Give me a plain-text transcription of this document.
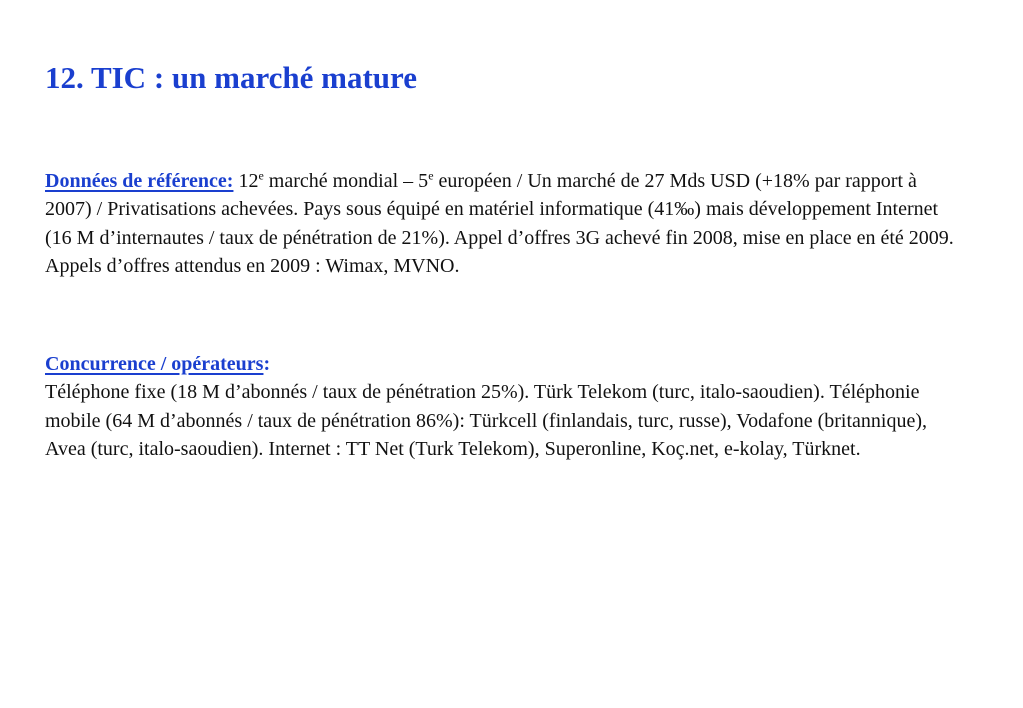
12. TIC : un marché mature

Données de référence: 12e marché mondial – 5e européen / Un marché de 27 Mds USD (+18% par rapport à 2007) / Privatisations achevées. Pays sous équipé en matériel informatique (41‰) mais développement Internet (16 M d’internautes / taux de pénétration de 21%). Appel d’offres 3G achevé fin 2008, mise en place en été 2009. Appels d’offres attendus en 2009 : Wimax, MVNO.

Concurrence / opérateurs:
Téléphone fixe (18 M d’abonnés / taux de pénétration 25%). Türk Telekom (turc, italo-saoudien). Téléphonie mobile (64 M d’abonnés / taux de pénétration 86%): Türkcell (finlandais, turc, russe), Vodafone (britannique), Avea (turc, italo-saoudien). Internet : TT Net (Turk Telekom), Superonline, Koç.net, e-kolay, Türknet.
